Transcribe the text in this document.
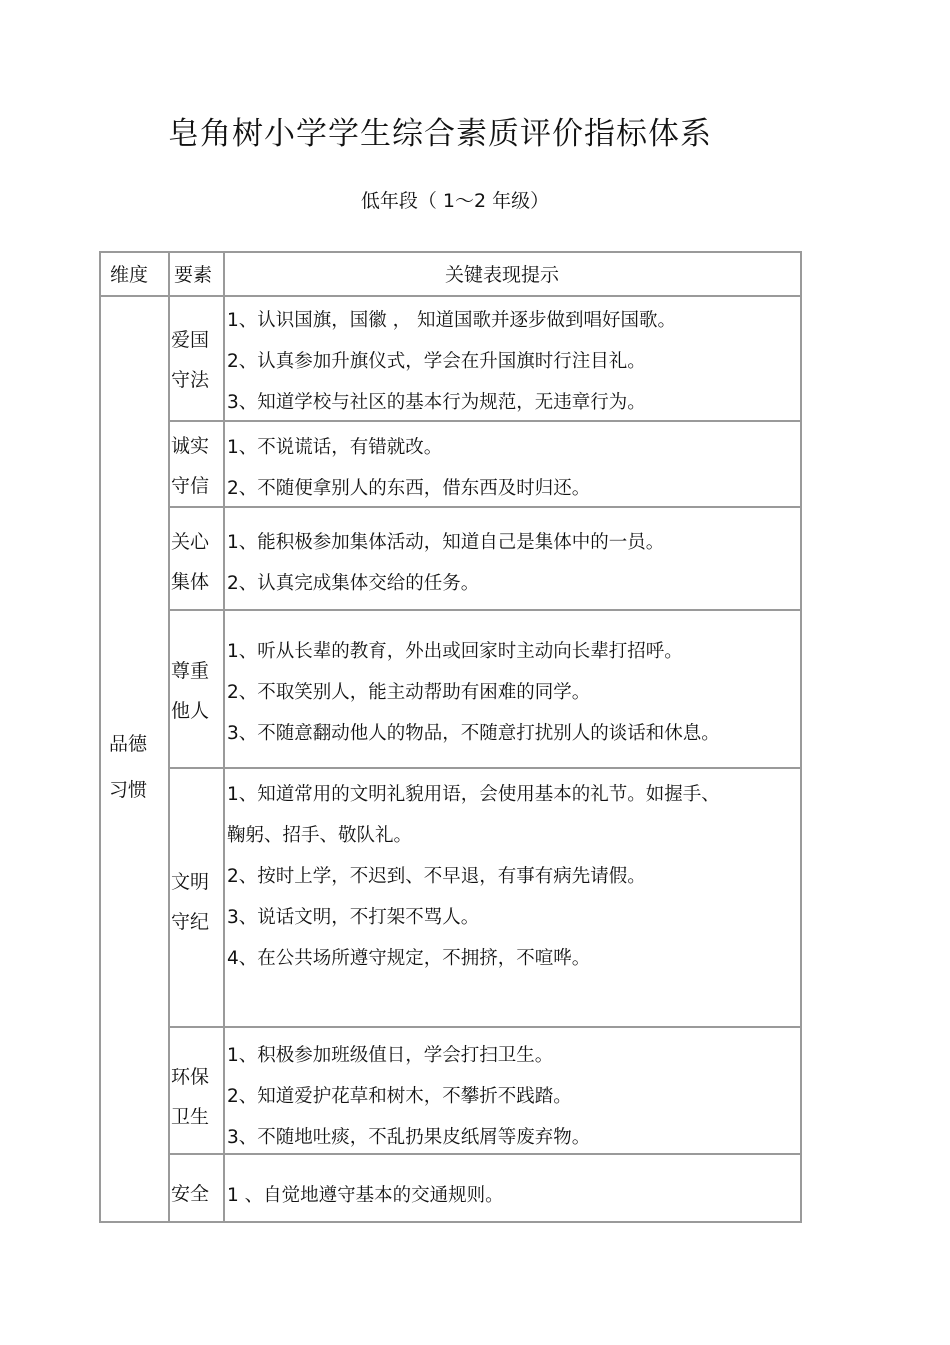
皂角树小学学生综合素质评价指标体系
低年段（ 1～2 年级）
维度 要素	关键表现提示
品德
习惯
爱国
守法
1、认识国旗，国徽 ， 知道国歌并逐步做到唱好国歌。
2、认真参加升旗仪式，学会在升国旗时行注目礼。
3、知道学校与社区的基本行为规范，无违章行为。
诚实
守信
1、不说谎话，有错就改。
2、不随便拿别人的东西，借东西及时归还。
关心
集体
1、能积极参加集体活动，知道自己是集体中的一员。
2、认真完成集体交给的任务。
尊重
他人
1、听从长辈的教育，外出或回家时主动向长辈打招呼。
2、不取笑别人，能主动帮助有困难的同学。
3、不随意翻动他人的物品，不随意打扰别人的谈话和休息。
文明
守纪
1、知道常用的文明礼貌用语，会使用基本的礼节。如握手、
鞠躬、招手、敬队礼。
2、按时上学，不迟到、不早退，有事有病先请假。
3、说话文明，不打架不骂人。
4、在公共场所遵守规定，不拥挤，不喧哗。
环保
卫生
1、积极参加班级值日，学会打扫卫生。
2、知道爱护花草和树木，不攀折不践踏。
3、不随地吐痰，不乱扔果皮纸屑等废弃物。
安全 1 、自觉地遵守基本的交通规则。
